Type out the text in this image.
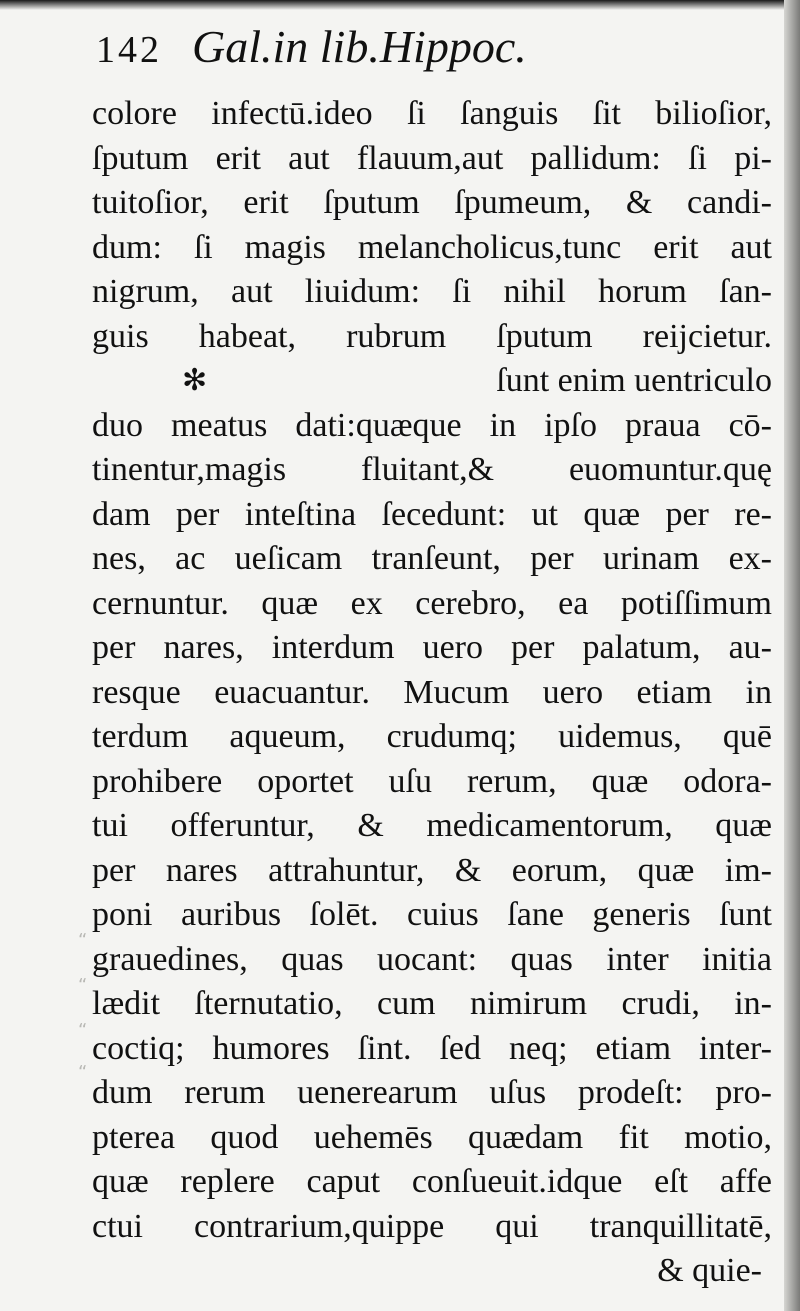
142 Gal.in lib.Hippoc.
colore infectū.ideo ſi ſanguis ſit bilioſior,
ſputum erit aut flauum,aut pallidum: ſi pi-
tuitoſior, erit ſputum ſpumeum, & candi-
dum: ſi magis melancholicus,tunc erit aut
nigrum, aut liuidum: ſi nihil horum ſan-
guis habeat, rubrum ſputum reijcietur.
✻	ſunt enim uentriculo
duo meatus dati:quæque in ipſo praua cō-
tinentur,magis fluitant,& euomuntur.quę
dam per inteſtina ſecedunt: ut quæ per re-
nes, ac ueſicam tranſeunt, per urinam ex-
cernuntur. quæ ex cerebro, ea potiſſimum
per nares, interdum uero per palatum, au-
resque euacuantur. Mucum uero etiam in
terdum aqueum, crudumq; uidemus, quē
prohibere oportet uſu rerum, quæ odora-
tui offeruntur, & medicamentorum, quæ
per nares attrahuntur, & eorum, quæ im-
poni auribus ſolēt. cuius ſane generis ſunt
grauedines, quas uocant: quas inter initia
lædit ſternutatio, cum nimirum crudi, in-
coctiq; humores ſint. ſed neq; etiam inter-
dum rerum uenerearum uſus prodeſt: pro-
pterea quod uehemēs quædam fit motio,
quæ replere caput conſueuit.idque eſt affe
ctui contrarium,quippe qui tranquillitatē,
& quie-
“
“
“
“
